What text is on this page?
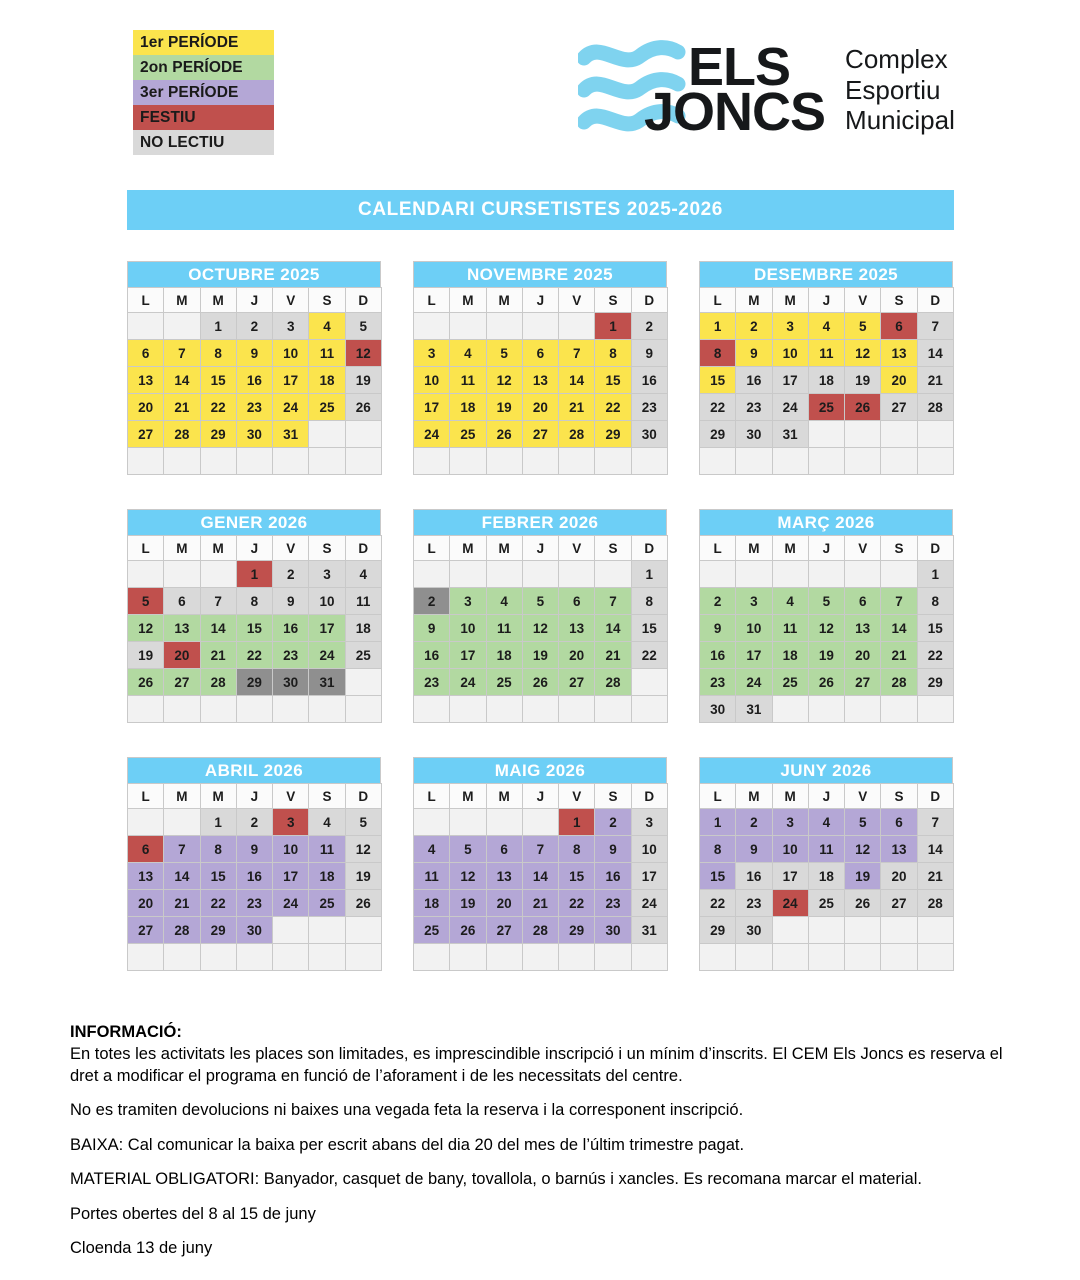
1er PERÍODE
2on PERÍODE
3er PERÍODE
FESTIU
NO LECTIU
ELS
JONCS
Complex
Esportiu
Municipal
CALENDARI CURSETISTES 2025-2026
OCTUBRE 2025
L	M	M	J	V	S	D
		1	2	3	4	5
6	7	8	9	10	11	12
13	14	15	16	17	18	19
20	21	22	23	24	25	26
27	28	29	30	31		

NOVEMBRE 2025
L	M	M	J	V	S	D
					1	2
3	4	5	6	7	8	9
10	11	12	13	14	15	16
17	18	19	20	21	22	23
24	25	26	27	28	29	30

DESEMBRE 2025
L	M	M	J	V	S	D
1	2	3	4	5	6	7
8	9	10	11	12	13	14
15	16	17	18	19	20	21
22	23	24	25	26	27	28
29	30	31				

GENER 2026
L	M	M	J	V	S	D
			1	2	3	4
5	6	7	8	9	10	11
12	13	14	15	16	17	18
19	20	21	22	23	24	25
26	27	28	29	30	31	

FEBRER 2026
L	M	M	J	V	S	D
						1
2	3	4	5	6	7	8
9	10	11	12	13	14	15
16	17	18	19	20	21	22
23	24	25	26	27	28	

MARÇ 2026
L	M	M	J	V	S	D
						1
2	3	4	5	6	7	8
9	10	11	12	13	14	15
16	17	18	19	20	21	22
23	24	25	26	27	28	29
30	31					
ABRIL 2026
L	M	M	J	V	S	D
		1	2	3	4	5
6	7	8	9	10	11	12
13	14	15	16	17	18	19
20	21	22	23	24	25	26
27	28	29	30			

MAIG 2026
L	M	M	J	V	S	D
				1	2	3
4	5	6	7	8	9	10
11	12	13	14	15	16	17
18	19	20	21	22	23	24
25	26	27	28	29	30	31

JUNY 2026
L	M	M	J	V	S	D
1	2	3	4	5	6	7
8	9	10	11	12	13	14
15	16	17	18	19	20	21
22	23	24	25	26	27	28
29	30					

INFORMACIÓ:
En totes les activitats les places son limitades, es imprescindible inscripció i un mínim d’inscrits. El CEM Els Joncs es reserva el dret a modificar el programa en funció de l’aforament i de les necessitats del centre.
No es tramiten devolucions ni baixes una vegada feta la reserva i la corresponent inscripció.
BAIXA: Cal comunicar la baixa per escrit abans del dia 20 del mes de l’últim trimestre pagat.
MATERIAL OBLIGATORI: Banyador, casquet de bany, tovallola, o barnús i xancles. Es recomana marcar el material.
Portes obertes del 8 al 15 de juny
Cloenda 13 de juny
